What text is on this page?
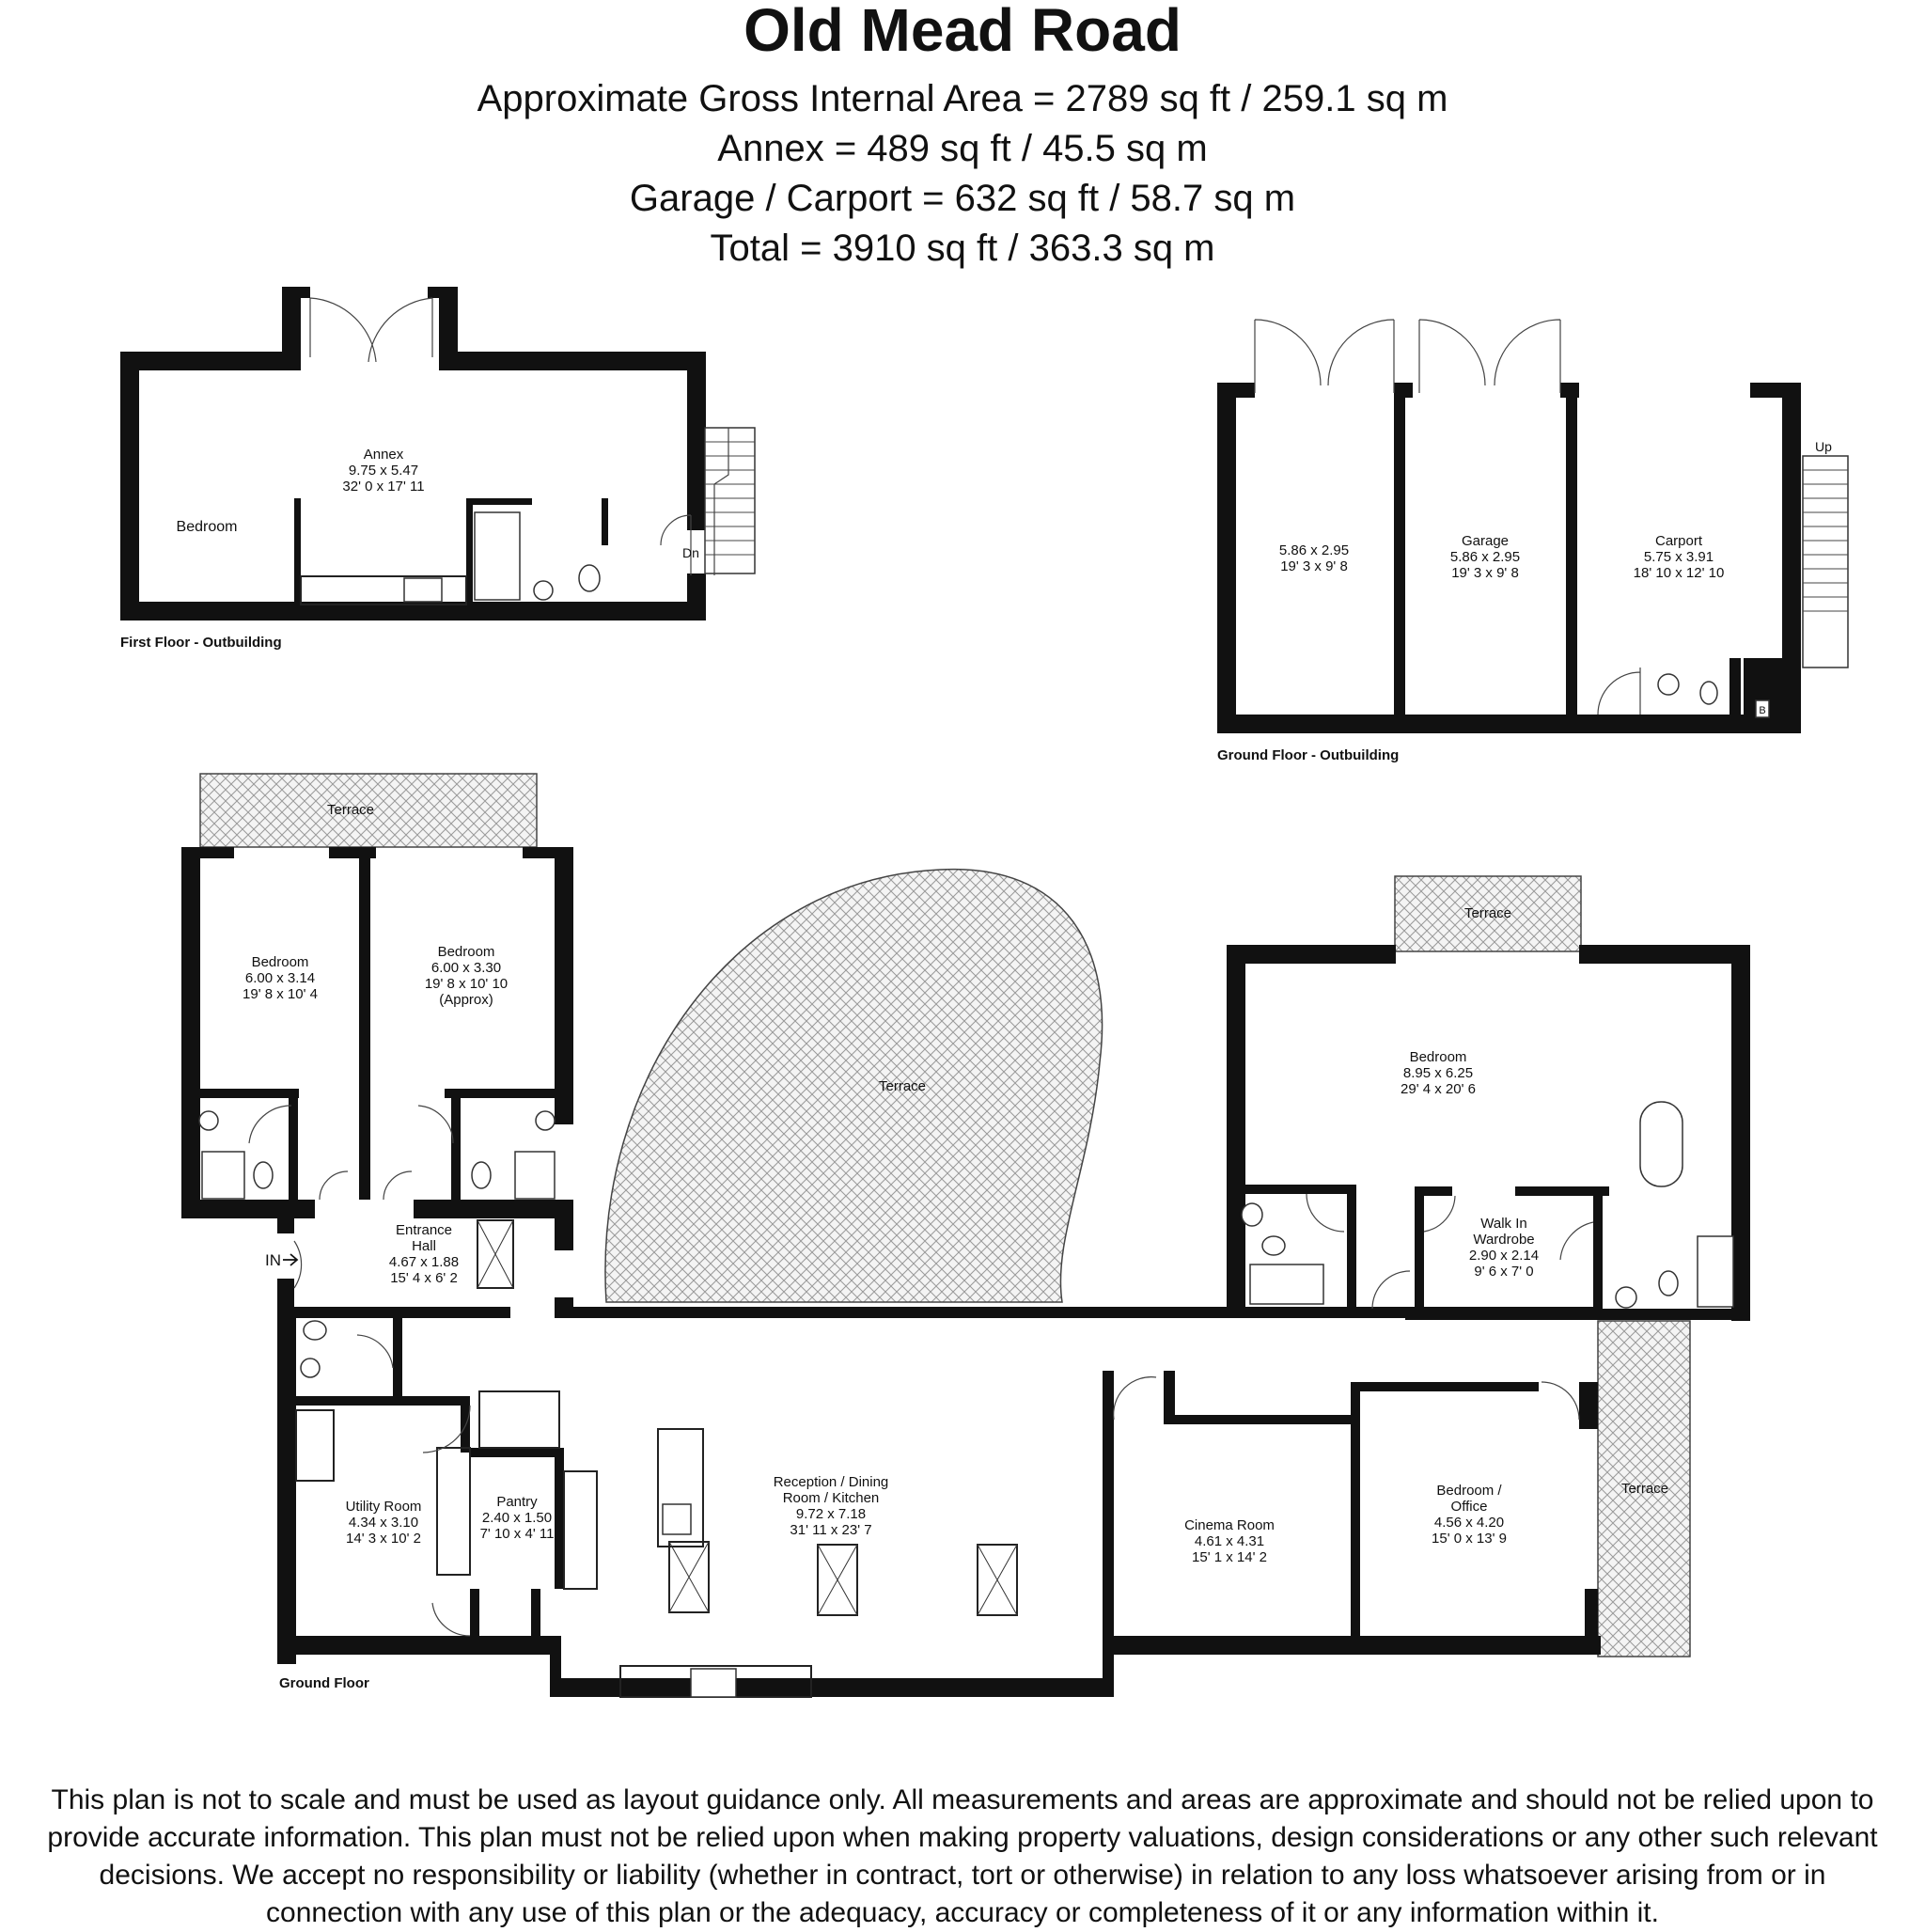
Old Mead Road
Approximate Gross Internal Area = 2789 sq ft / 259.1 sq m
Annex = 489 sq ft / 45.5 sq m
Garage / Carport = 632 sq ft / 58.7 sq m
Total = 3910 sq ft / 363.3 sq m
Annex
9.75 x 5.47
32' 0 x 17' 11
Bedroom
Dn
First Floor - Outbuilding
5.86 x 2.95
19' 3 x 9' 8
Garage
5.86 x 2.95
19' 3 x 9' 8
Carport
5.75 x 3.91
18' 10 x 12' 10
Up
B
Ground Floor - Outbuilding
Terrace
Bedroom
6.00 x 3.14
19' 8 x 10' 4
Bedroom
6.00 x 3.30
19' 8 x 10' 10
(Approx)
Terrace
Terrace
Bedroom
8.95 x 6.25
29' 4 x 20' 6
Walk In
Wardrobe
2.90 x 2.14
9' 6 x 7' 0
Entrance
Hall
4.67 x 1.88
15' 4 x 6' 2
IN
Utility Room
4.34 x 3.10
14' 3 x 10' 2
Pantry
2.40 x 1.50
7' 10 x 4' 11
Reception / Dining
Room / Kitchen
9.72 x 7.18
31' 11 x 23' 7	Cinema Room
4.61 x 4.31
15' 1 x 14' 2
Bedroom /
Office
4.56 x 4.20
15' 0 x 13' 9
Terrace
Ground Floor
This plan is not to scale and must be used as layout guidance only. All measurements and areas are approximate and should not be relied upon to
provide accurate information. This plan must not be relied upon when making property valuations, design considerations or any other such relevant
decisions. We accept no responsibility or liability (whether in contract, tort or otherwise) in relation to any loss whatsoever arising from or in
connection with any use of this plan or the adequacy, accuracy or completeness of it or any information within it.
